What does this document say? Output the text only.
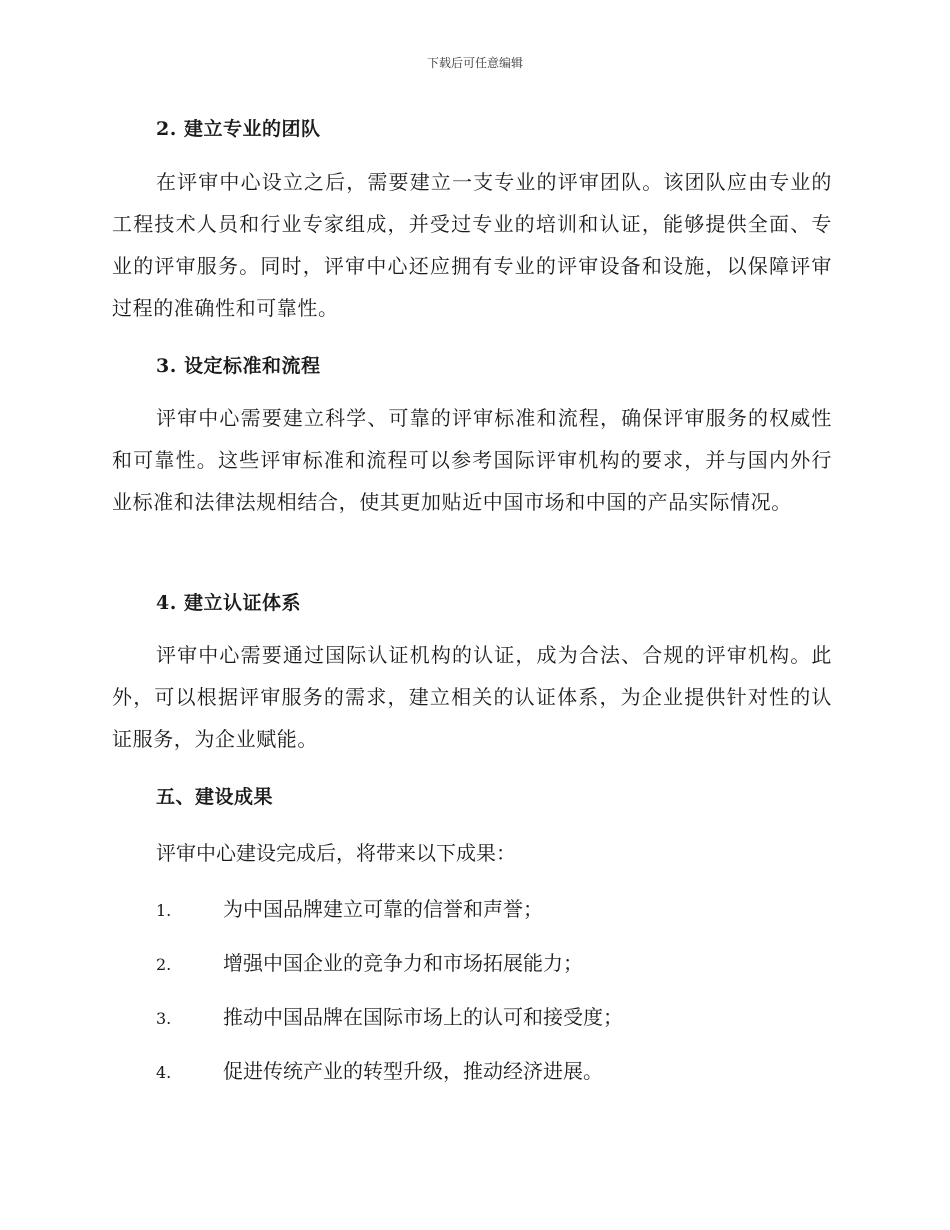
下载后可任意编辑
2. 建立专业的团队
在评审中心设立之后，需要建立一支专业的评审团队。该团队应由专业的工程技术人员和行业专家组成，并受过专业的培训和认证，能够提供全面、专业的评审服务。同时，评审中心还应拥有专业的评审设备和设施，以保障评审过程的准确性和可靠性。
3. 设定标准和流程
评审中心需要建立科学、可靠的评审标准和流程，确保评审服务的权威性和可靠性。这些评审标准和流程可以参考国际评审机构的要求，并与国内外行业标准和法律法规相结合，使其更加贴近中国市场和中国的产品实际情况。
4. 建立认证体系
评审中心需要通过国际认证机构的认证，成为合法、合规的评审机构。此外，可以根据评审服务的需求，建立相关的认证体系，为企业提供针对性的认证服务，为企业赋能。
五、建设成果
评审中心建设完成后，将带来以下成果：
1.	为中国品牌建立可靠的信誉和声誉；
2.	增强中国企业的竞争力和市场拓展能力；
3.	推动中国品牌在国际市场上的认可和接受度；
4.	促进传统产业的转型升级，推动经济进展。
